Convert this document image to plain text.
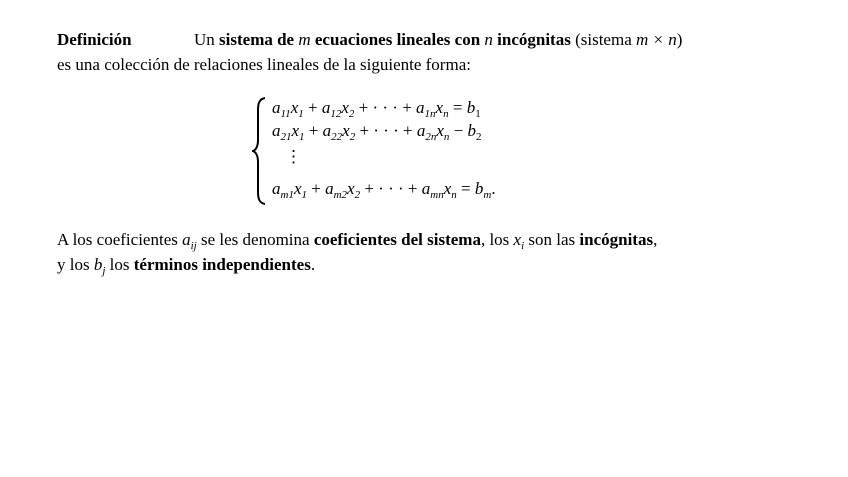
Definición	Un sistema de m ecuaciones lineales con n incógnitas (sistema m × n)
es una colección de relaciones lineales de la siguiente forma:
$a_{11}x_1 + a_{12}x_2$ + · · · + $a_{1n}x_n = b_1$
$a_{21}x_1 + a_{22}x_2$ + · · · + $a_{2n}x_n - b_2$
⋮
$a_{m1}x_1 + a_{m2}x_2$ + · · · + $a_{mn}x_n = b_m$.
A los coeficientes $a_{ij}$ se les denomina coeficientes del sistema, los $x_i$ son las incógnitas,
y los $b_j$ los términos independientes.
